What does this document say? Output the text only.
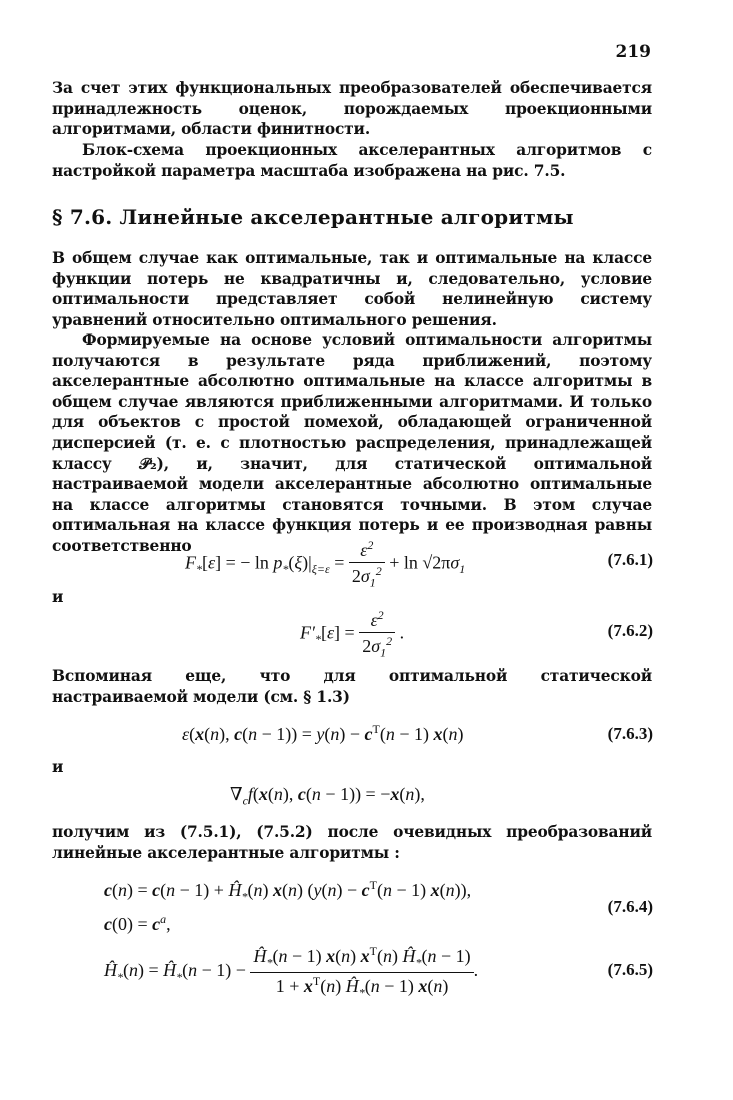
219
За счет этих функциональных преобразователей обеспечивается принадлежность оценок, порождаемых проекционными алгоритмами, области финитности.
Блок-схема проекционных акселерантных алгоритмов с настройкой параметра масштаба изображена на рис. 7.5.
§ 7.6. Линейные акселерантные алгоритмы
В общем случае как оптимальные, так и оптимальные на классе функции потерь не квадратичны и, следовательно, условие оптимальности представляет собой нелинейную систему уравнений относительно оптимального решения.
Формируемые на основе условий оптимальности алгоритмы получаются в результате ряда приближений, поэтому акселерантные абсолютно оптимальные на классе алгоритмы в общем случае являются приближенными алгоритмами. И только для объектов с простой помехой, обладающей ограниченной дисперсией (т. е. с плотностью распределения, принадлежащей классу 𝒫₂), и, значит, для статической оптимальной настраиваемой модели акселерантные абсолютно оптимальные на классе алгоритмы становятся точными. В этом случае оптимальная на классе функция потерь и ее производная равны соответственно
$F_*[\varepsilon]$ = − $\ln p_*(\xi)|_{\xi=\varepsilon} = \frac{\varepsilon^2}{2\sigma_1^2} + \ln √2\pi\sigma_1$
(7.6.1)
и
$F'_*[\varepsilon] = \frac{\varepsilon^2}{2\sigma_1^2}$ .	(7.6.2)
Вспоминая еще, что для оптимальной статической настраиваемой модели (см. § 1.3)
ε(x(n), $c(n - 1)) = y(n) - c^T(n - 1)$ x(n)	(7.6.3)
и
$\nabla_cf(x(n)$, c(n − 1)) = −x(n),
получим из (7.5.1), (7.5.2) после очевидных преобразований линейные акселерантные алгоритмы :
$c(n) = c(n - 1) + Ĥ_*(n)$ x(n) ($y(n) - c^T(n - 1)$ x(n)),
$c(0) = c^a$,
(7.6.4)
$Ĥ_*(n)$ = $Ĥ_*(n - 1) - \frac{Ĥ_*(n - 1) x(n) x^T(n) Ĥ_*(n - 1)}{1 + x^T(n) Ĥ_*(n - 1) x(n)}$ .	(7.6.5)
